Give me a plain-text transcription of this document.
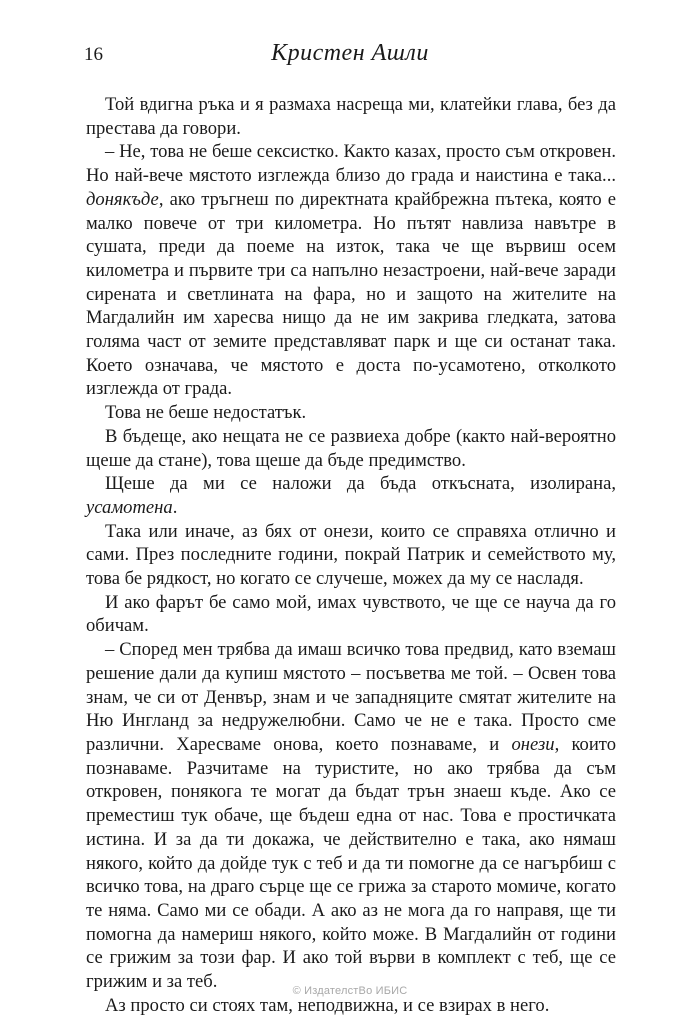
16	Кристен Ашли

Той вдигна ръка и я размаха насреща ми, клатейки глава, без да престава да говори.

– Не, това не беше сексистко. Както казах, просто съм откровен. Но най-вече мястото изглежда близо до града и наистина е така... донякъде, ако тръгнеш по директната крайбрежна пътека, която е малко повече от три километра. Но пътят навлиза навътре в сушата, преди да поеме на изток, така че ще вървиш осем километра и първите три са напълно незастроени, най-вече заради сирената и светлината на фара, но и защото на жителите на Магдалийн им харесва нищо да не им закрива гледката, затова голяма част от земите представляват парк и ще си останат така. Което означава, че мястото е доста по-усамотено, отколкото изглежда от града.

Това не беше недостатък.

В бъдеще, ако нещата не се развиеха добре (както най-вероятно щеше да стане), това щеше да бъде предимство.

Щеше да ми се наложи да бъда откъсната, изолирана, усамотена.

Така или иначе, аз бях от онези, които се справяха отлично и сами. През последните години, покрай Патрик и семейството му, това бе рядкост, но когато се случеше, можех да му се насладя.

И ако фарът бе само мой, имах чувството, че ще се науча да го обичам.

– Според мен трябва да имаш всичко това предвид, като вземаш решение дали да купиш мястото – посъветва ме той. – Освен това знам, че си от Денвър, знам и че западняците смятат жителите на Ню Ингланд за недружелюбни. Само че не е така. Просто сме различни. Харесваме онова, което познаваме, и онези, които познаваме. Разчитаме на туристите, но ако трябва да съм откровен, понякога те могат да бъдат трън знаеш къде. Ако се преместиш тук обаче, ще бъдеш една от нас. Това е простичката истина. И за да ти докажа, че действително е така, ако нямаш някого, който да дойде тук с теб и да ти помогне да се нагърбиш с всичко това, на драго сърце ще се грижа за старото момиче, когато те няма. Само ми се обади. А ако аз не мога да го направя, ще ти помогна да намериш някого, който може. В Магдалийн от години се грижим за този фар. И ако той върви в комплект с теб, ще се грижим и за теб.

Аз просто си стоях там, неподвижна, и се взирах в него.

© ИздателстВо ИБИС
